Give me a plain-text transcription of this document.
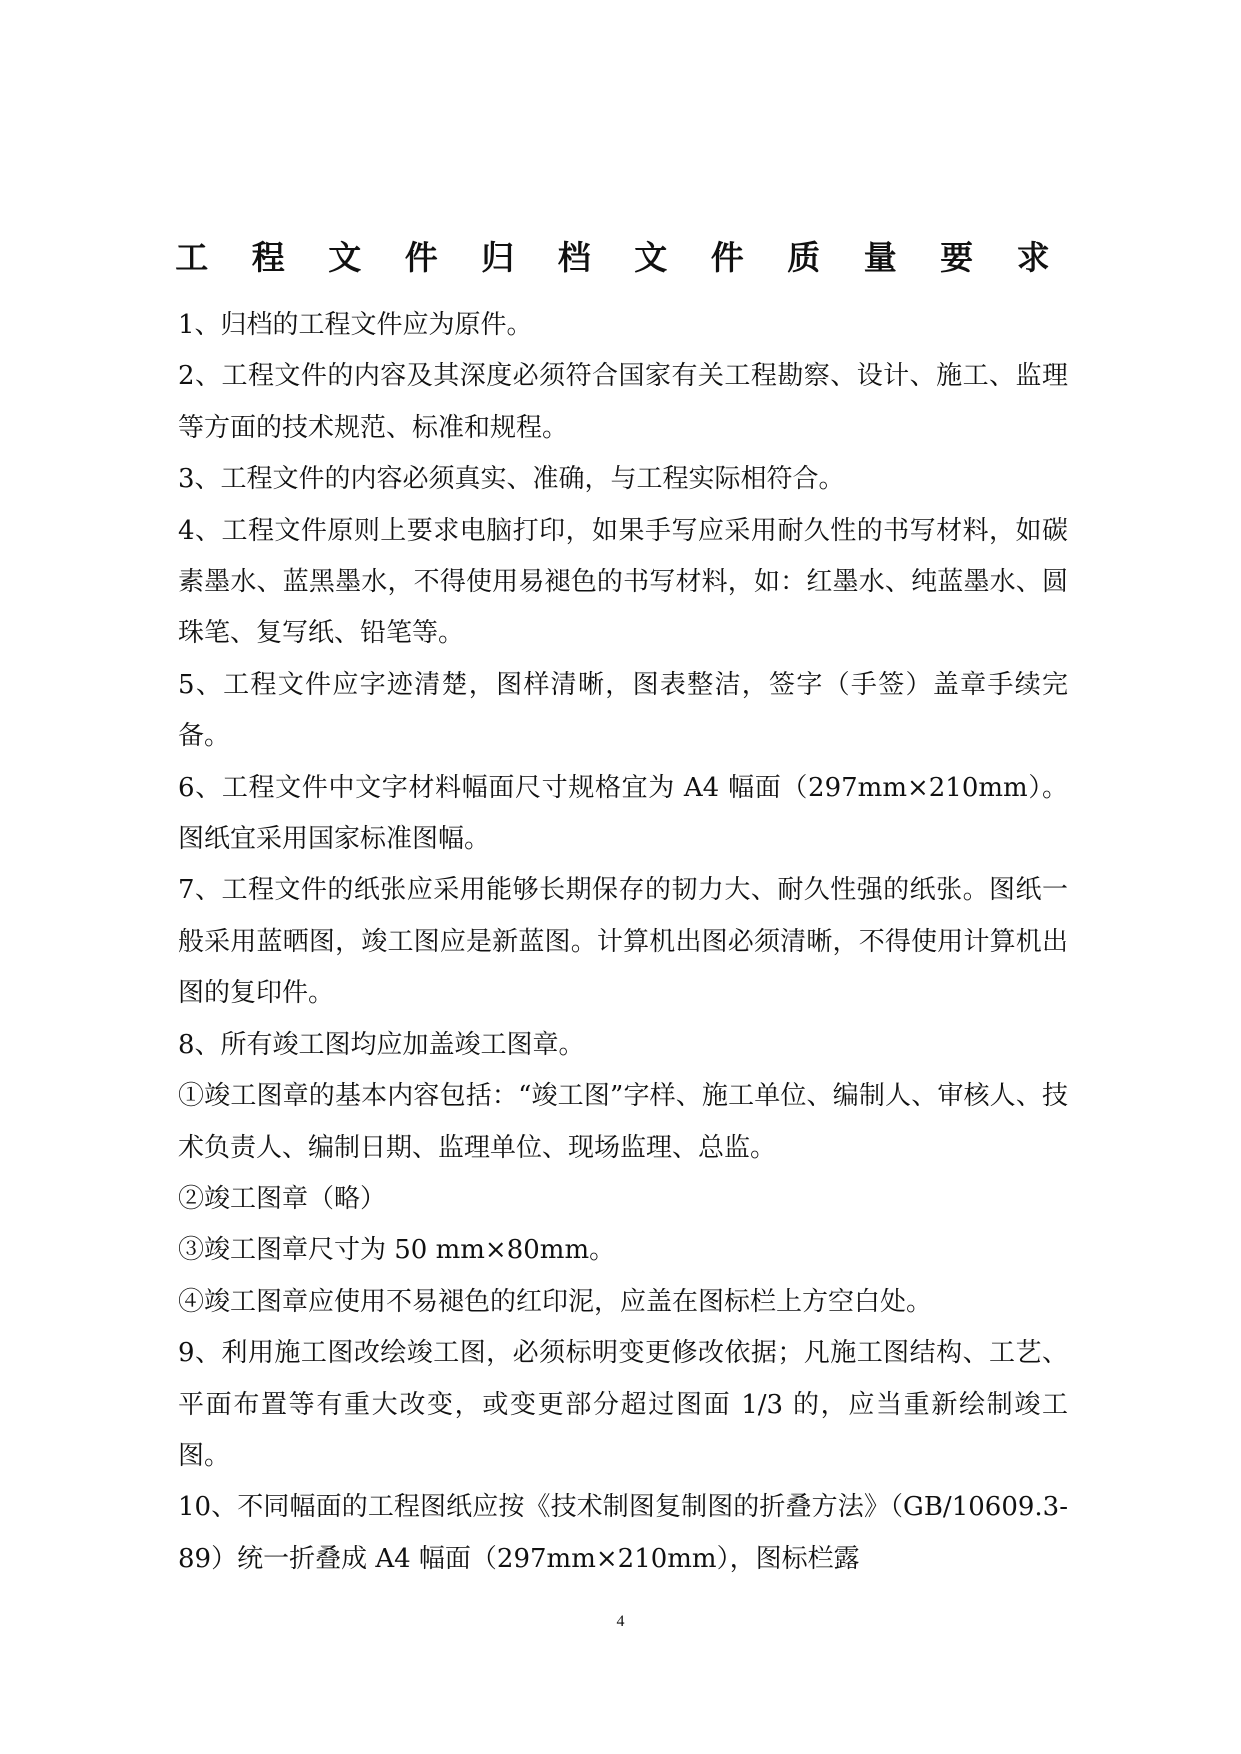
工 程 文 件 归 档 文 件 质 量 要 求

1、归档的工程文件应为原件。

2、工程文件的内容及其深度必须符合国家有关工程勘察、设计、施工、监理等方面的技术规范、标准和规程。

3、工程文件的内容必须真实、准确，与工程实际相符合。

4、工程文件原则上要求电脑打印，如果手写应采用耐久性的书写材料，如碳素墨水、蓝黑墨水，不得使用易褪色的书写材料，如：红墨水、纯蓝墨水、圆珠笔、复写纸、铅笔等。

5、工程文件应字迹清楚，图样清晰，图表整洁，签字（手签）盖章手续完备。

6、工程文件中文字材料幅面尺寸规格宜为 A4 幅面（297mm×210mm）。图纸宜采用国家标准图幅。

7、工程文件的纸张应采用能够长期保存的韧力大、耐久性强的纸张。图纸一般采用蓝晒图，竣工图应是新蓝图。计算机出图必须清晰，不得使用计算机出图的复印件。

8、所有竣工图均应加盖竣工图章。

①竣工图章的基本内容包括：“竣工图”字样、施工单位、编制人、审核人、技术负责人、编制日期、监理单位、现场监理、总监。

②竣工图章（略）

③竣工图章尺寸为 50 mm×80mm。

④竣工图章应使用不易褪色的红印泥，应盖在图标栏上方空白处。

9、利用施工图改绘竣工图，必须标明变更修改依据；凡施工图结构、工艺、平面布置等有重大改变，或变更部分超过图面 1/3 的，应当重新绘制竣工图。

10、不同幅面的工程图纸应按《技术制图复制图的折叠方法》（GB/10609.3-89）统一折叠成 A4 幅面（297mm×210mm），图标栏露

4
